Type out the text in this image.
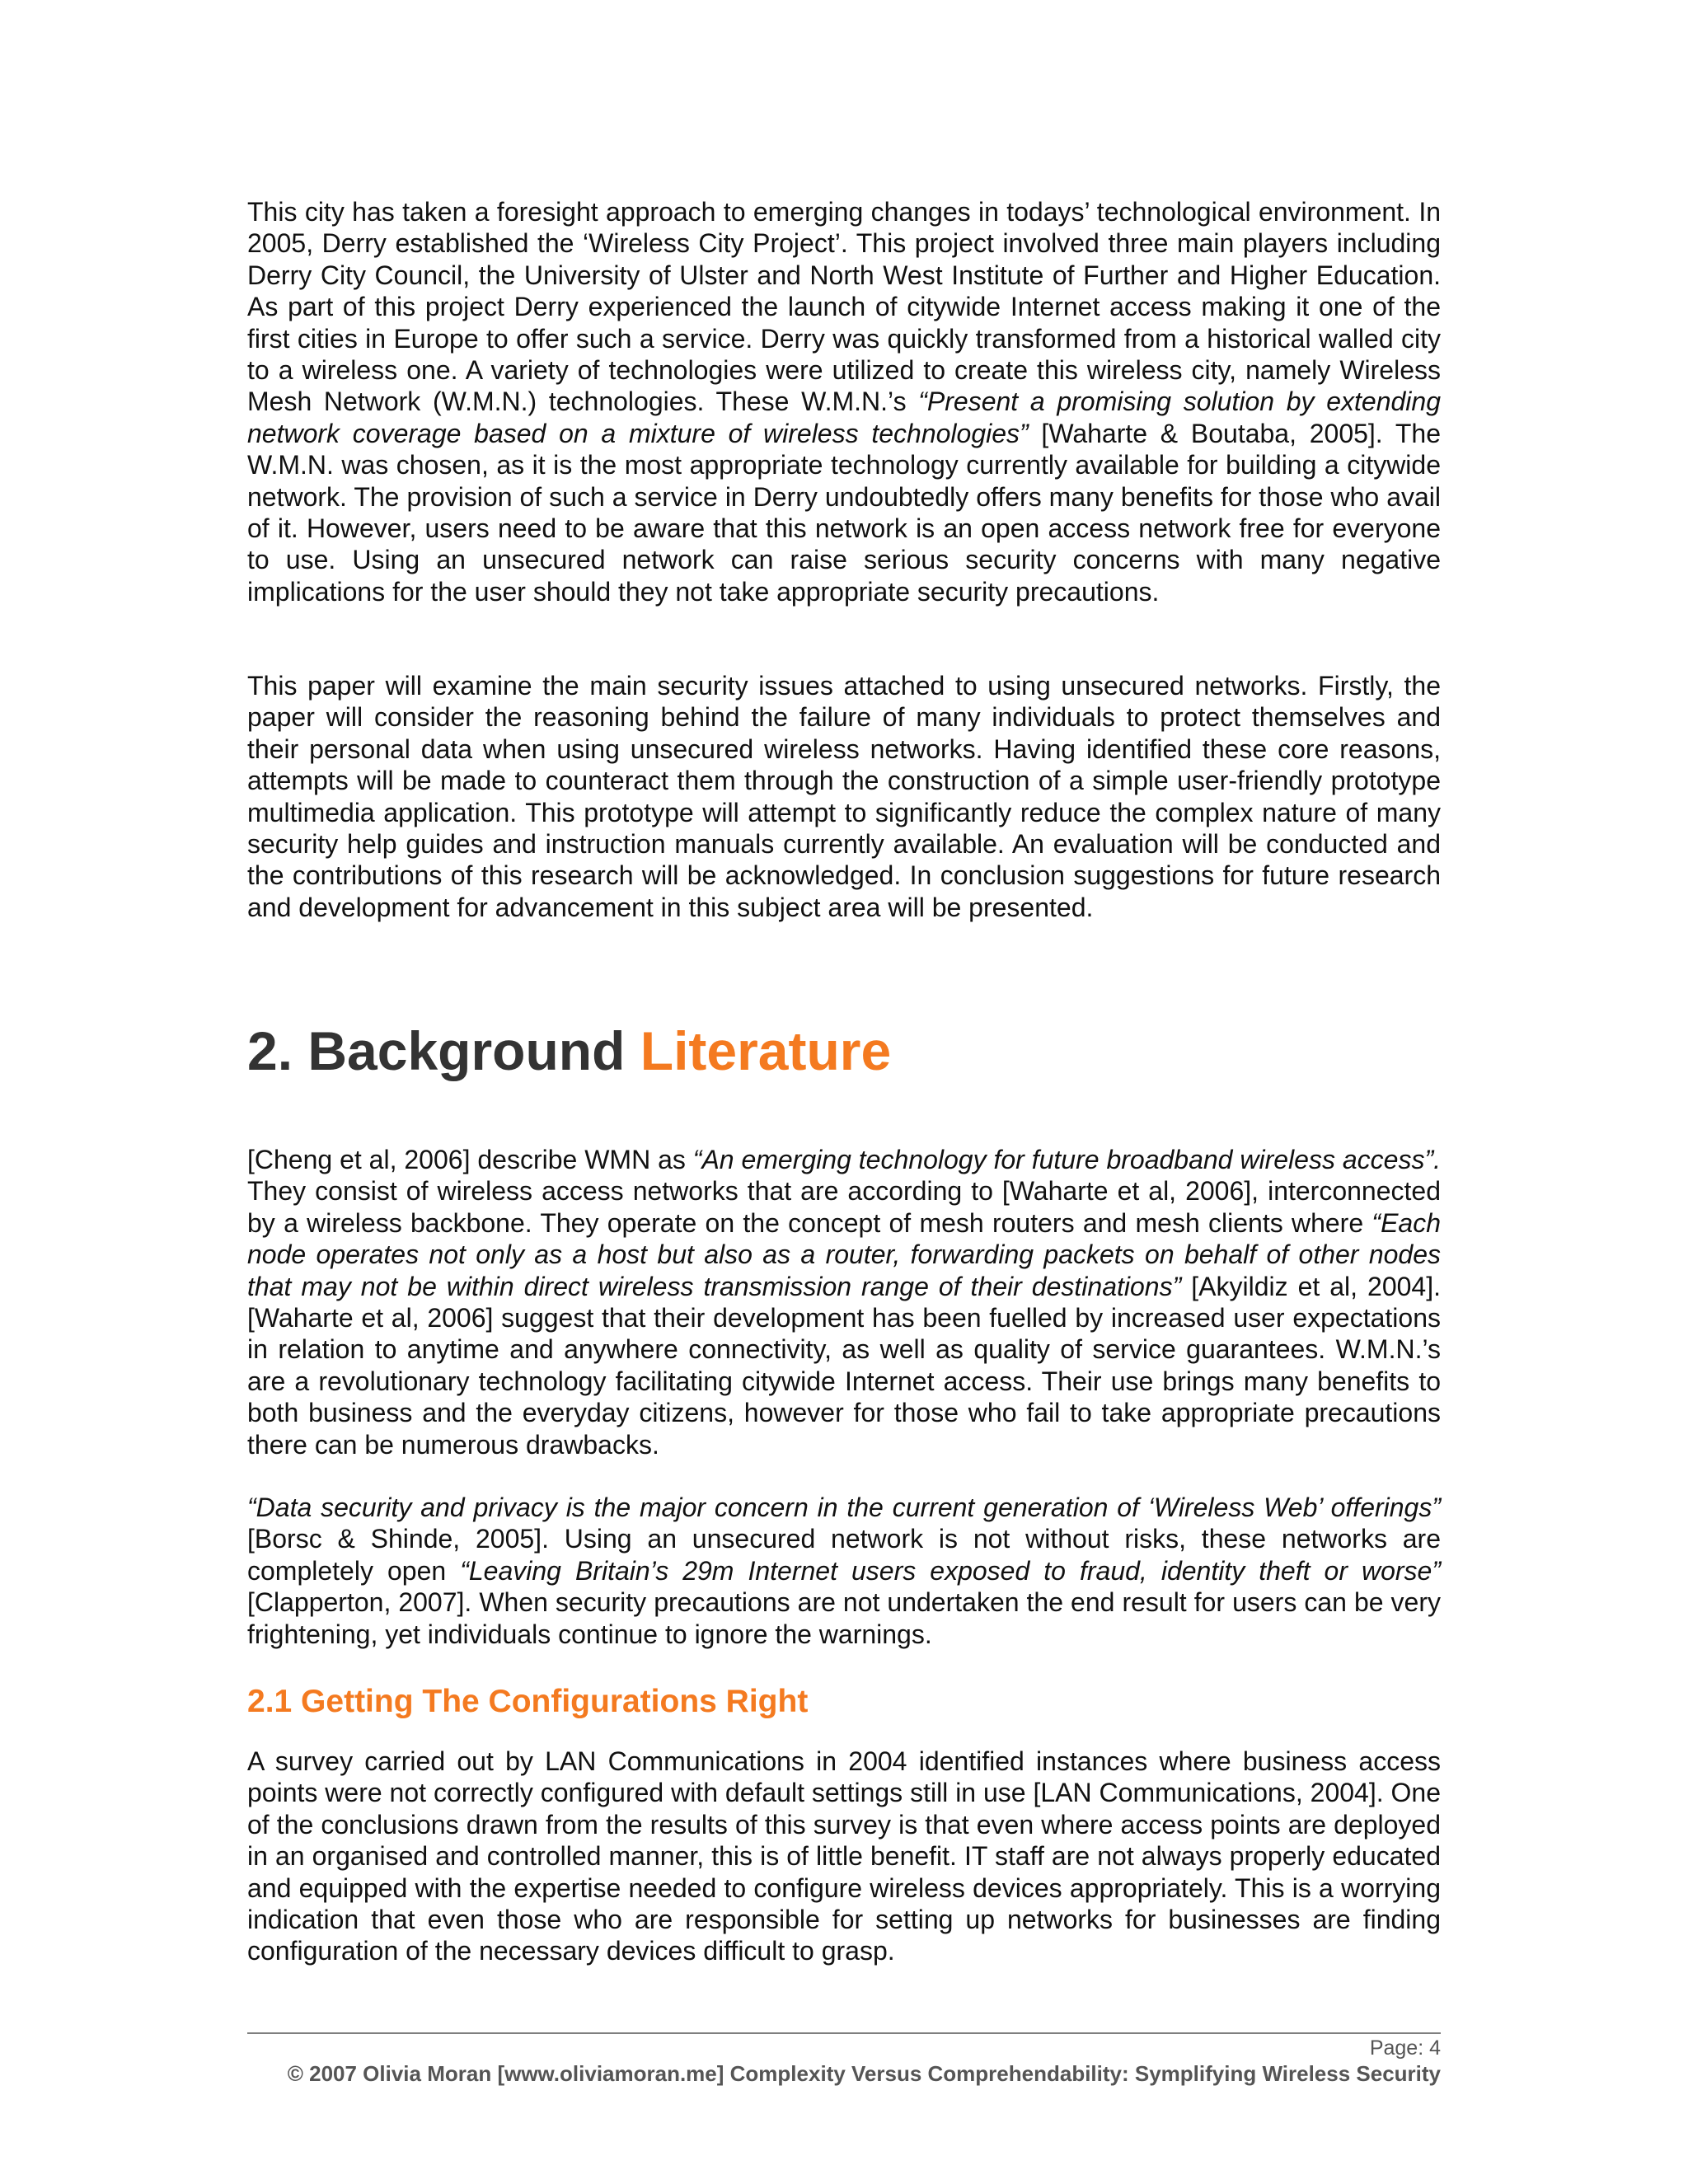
This city has taken a foresight approach to emerging changes in todays’ technological environment. In 2005, Derry established the ‘Wireless City Project’. This project involved three main players including Derry City Council, the University of Ulster and North West Institute of Further and Higher Education. As part of this project Derry experienced the launch of citywide Internet access making it one of the first cities in Europe to offer such a service. Derry was quickly transformed from a historical walled city to a wireless one. A variety of technologies were utilized to create this wireless city, namely Wireless Mesh Network (W.M.N.) technologies. These W.M.N.’s “Present a promising solution by extending network coverage based on a mixture of wireless technologies” [Waharte & Boutaba, 2005]. The W.M.N. was chosen, as it is the most appropriate technology currently available for building a citywide network. The provision of such a service in Derry undoubtedly offers many benefits for those who avail of it. However, users need to be aware that this network is an open access network free for everyone to use. Using an unsecured network can raise serious security concerns with many negative implications for the user should they not take appropriate security precautions.

This paper will examine the main security issues attached to using unsecured networks. Firstly, the paper will consider the reasoning behind the failure of many individuals to protect themselves and their personal data when using unsecured wireless networks. Having identified these core reasons, attempts will be made to counteract them through the construction of a simple user-friendly prototype multimedia application. This prototype will attempt to significantly reduce the complex nature of many security help guides and instruction manuals currently available. An evaluation will be conducted and the contributions of this research will be acknowledged. In conclusion suggestions for future research and development for advancement in this subject area will be presented.

2. Background Literature

[Cheng et al, 2006] describe WMN as “An emerging technology for future broadband wireless access”. They consist of wireless access networks that are according to [Waharte et al, 2006], interconnected by a wireless backbone. They operate on the concept of mesh routers and mesh clients where “Each node operates not only as a host but also as a router, forwarding packets on behalf of other nodes that may not be within direct wireless transmission range of their destinations” [Akyildiz et al, 2004]. [Waharte et al, 2006] suggest that their development has been fuelled by increased user expectations in relation to anytime and anywhere connectivity, as well as quality of service guarantees. W.M.N.’s are a revolutionary technology facilitating citywide Internet access. Their use brings many benefits to both business and the everyday citizens, however for those who fail to take appropriate precautions there can be numerous drawbacks.

“Data security and privacy is the major concern in the current generation of ‘Wireless Web’ offerings” [Borsc & Shinde, 2005]. Using an unsecured network is not without risks, these networks are completely open “Leaving Britain’s 29m Internet users exposed to fraud, identity theft or worse” [Clapperton, 2007]. When security precautions are not undertaken the end result for users can be very frightening, yet individuals continue to ignore the warnings.

2.1 Getting The Configurations Right

A survey carried out by LAN Communications in 2004 identified instances where business access points were not correctly configured with default settings still in use [LAN Communications, 2004]. One of the conclusions drawn from the results of this survey is that even where access points are deployed in an organised and controlled manner, this is of little benefit. IT staff are not always properly educated and equipped with the expertise needed to configure wireless devices appropriately. This is a worrying indication that even those who are responsible for setting up networks for businesses are finding configuration of the necessary devices difficult to grasp.

Page: 4
© 2007 Olivia Moran [www.oliviamoran.me] Complexity Versus Comprehendability: Symplifying Wireless Security
